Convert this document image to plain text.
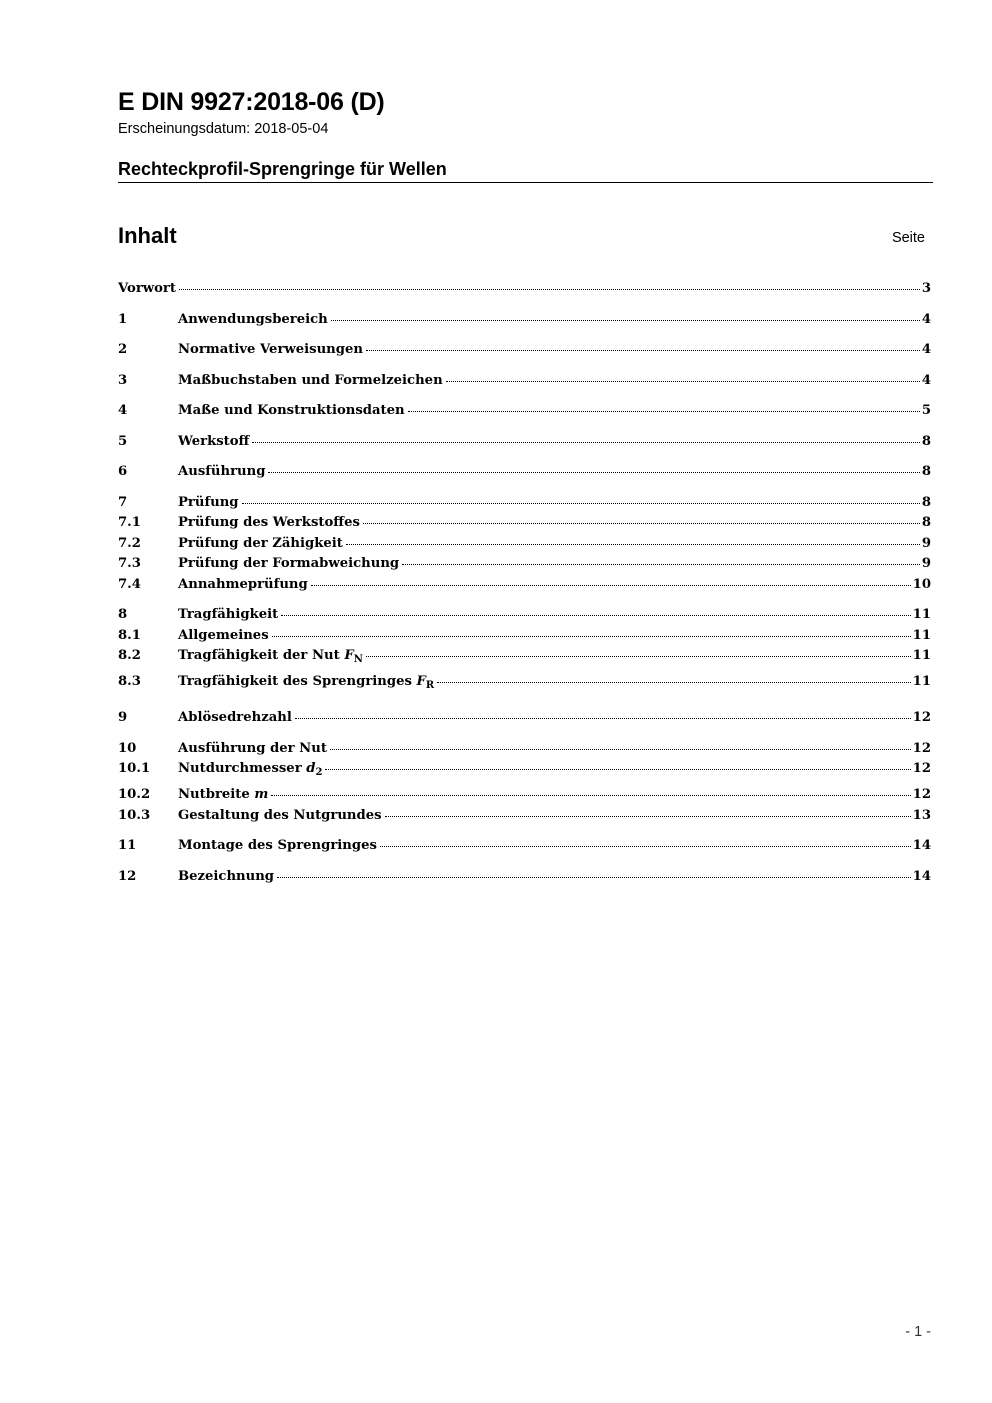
E DIN 9927:2018-06 (D)

Erscheinungsdatum: 2018-05-04

Rechteckprofil-Sprengringe für Wellen
Inhalt	Seite
Vorwort	3
1	Anwendungsbereich	4
2	Normative Verweisungen	4
3	Maßbuchstaben und Formelzeichen	4
4	Maße und Konstruktionsdaten	5
5	Werkstoff	8
6	Ausführung	8
7	Prüfung	8
7.1	Prüfung des Werkstoffes	8
7.2	Prüfung der Zähigkeit	9
7.3	Prüfung der Formabweichung	9
7.4	Annahmeprüfung	10
8	Tragfähigkeit	11
8.1	Allgemeines	11
8.2	Tragfähigkeit der Nut $F_N$	11
8.3	Tragfähigkeit des Sprengringes $F_R$	11
9	Ablösedrehzahl	12
10	Ausführung der Nut	12
10.1	Nutdurchmesser $d_2$	12
10.2	Nutbreite m	12
10.3	Gestaltung des Nutgrundes	13
11	Montage des Sprengringes	14
12	Bezeichnung	14
- 1 -
